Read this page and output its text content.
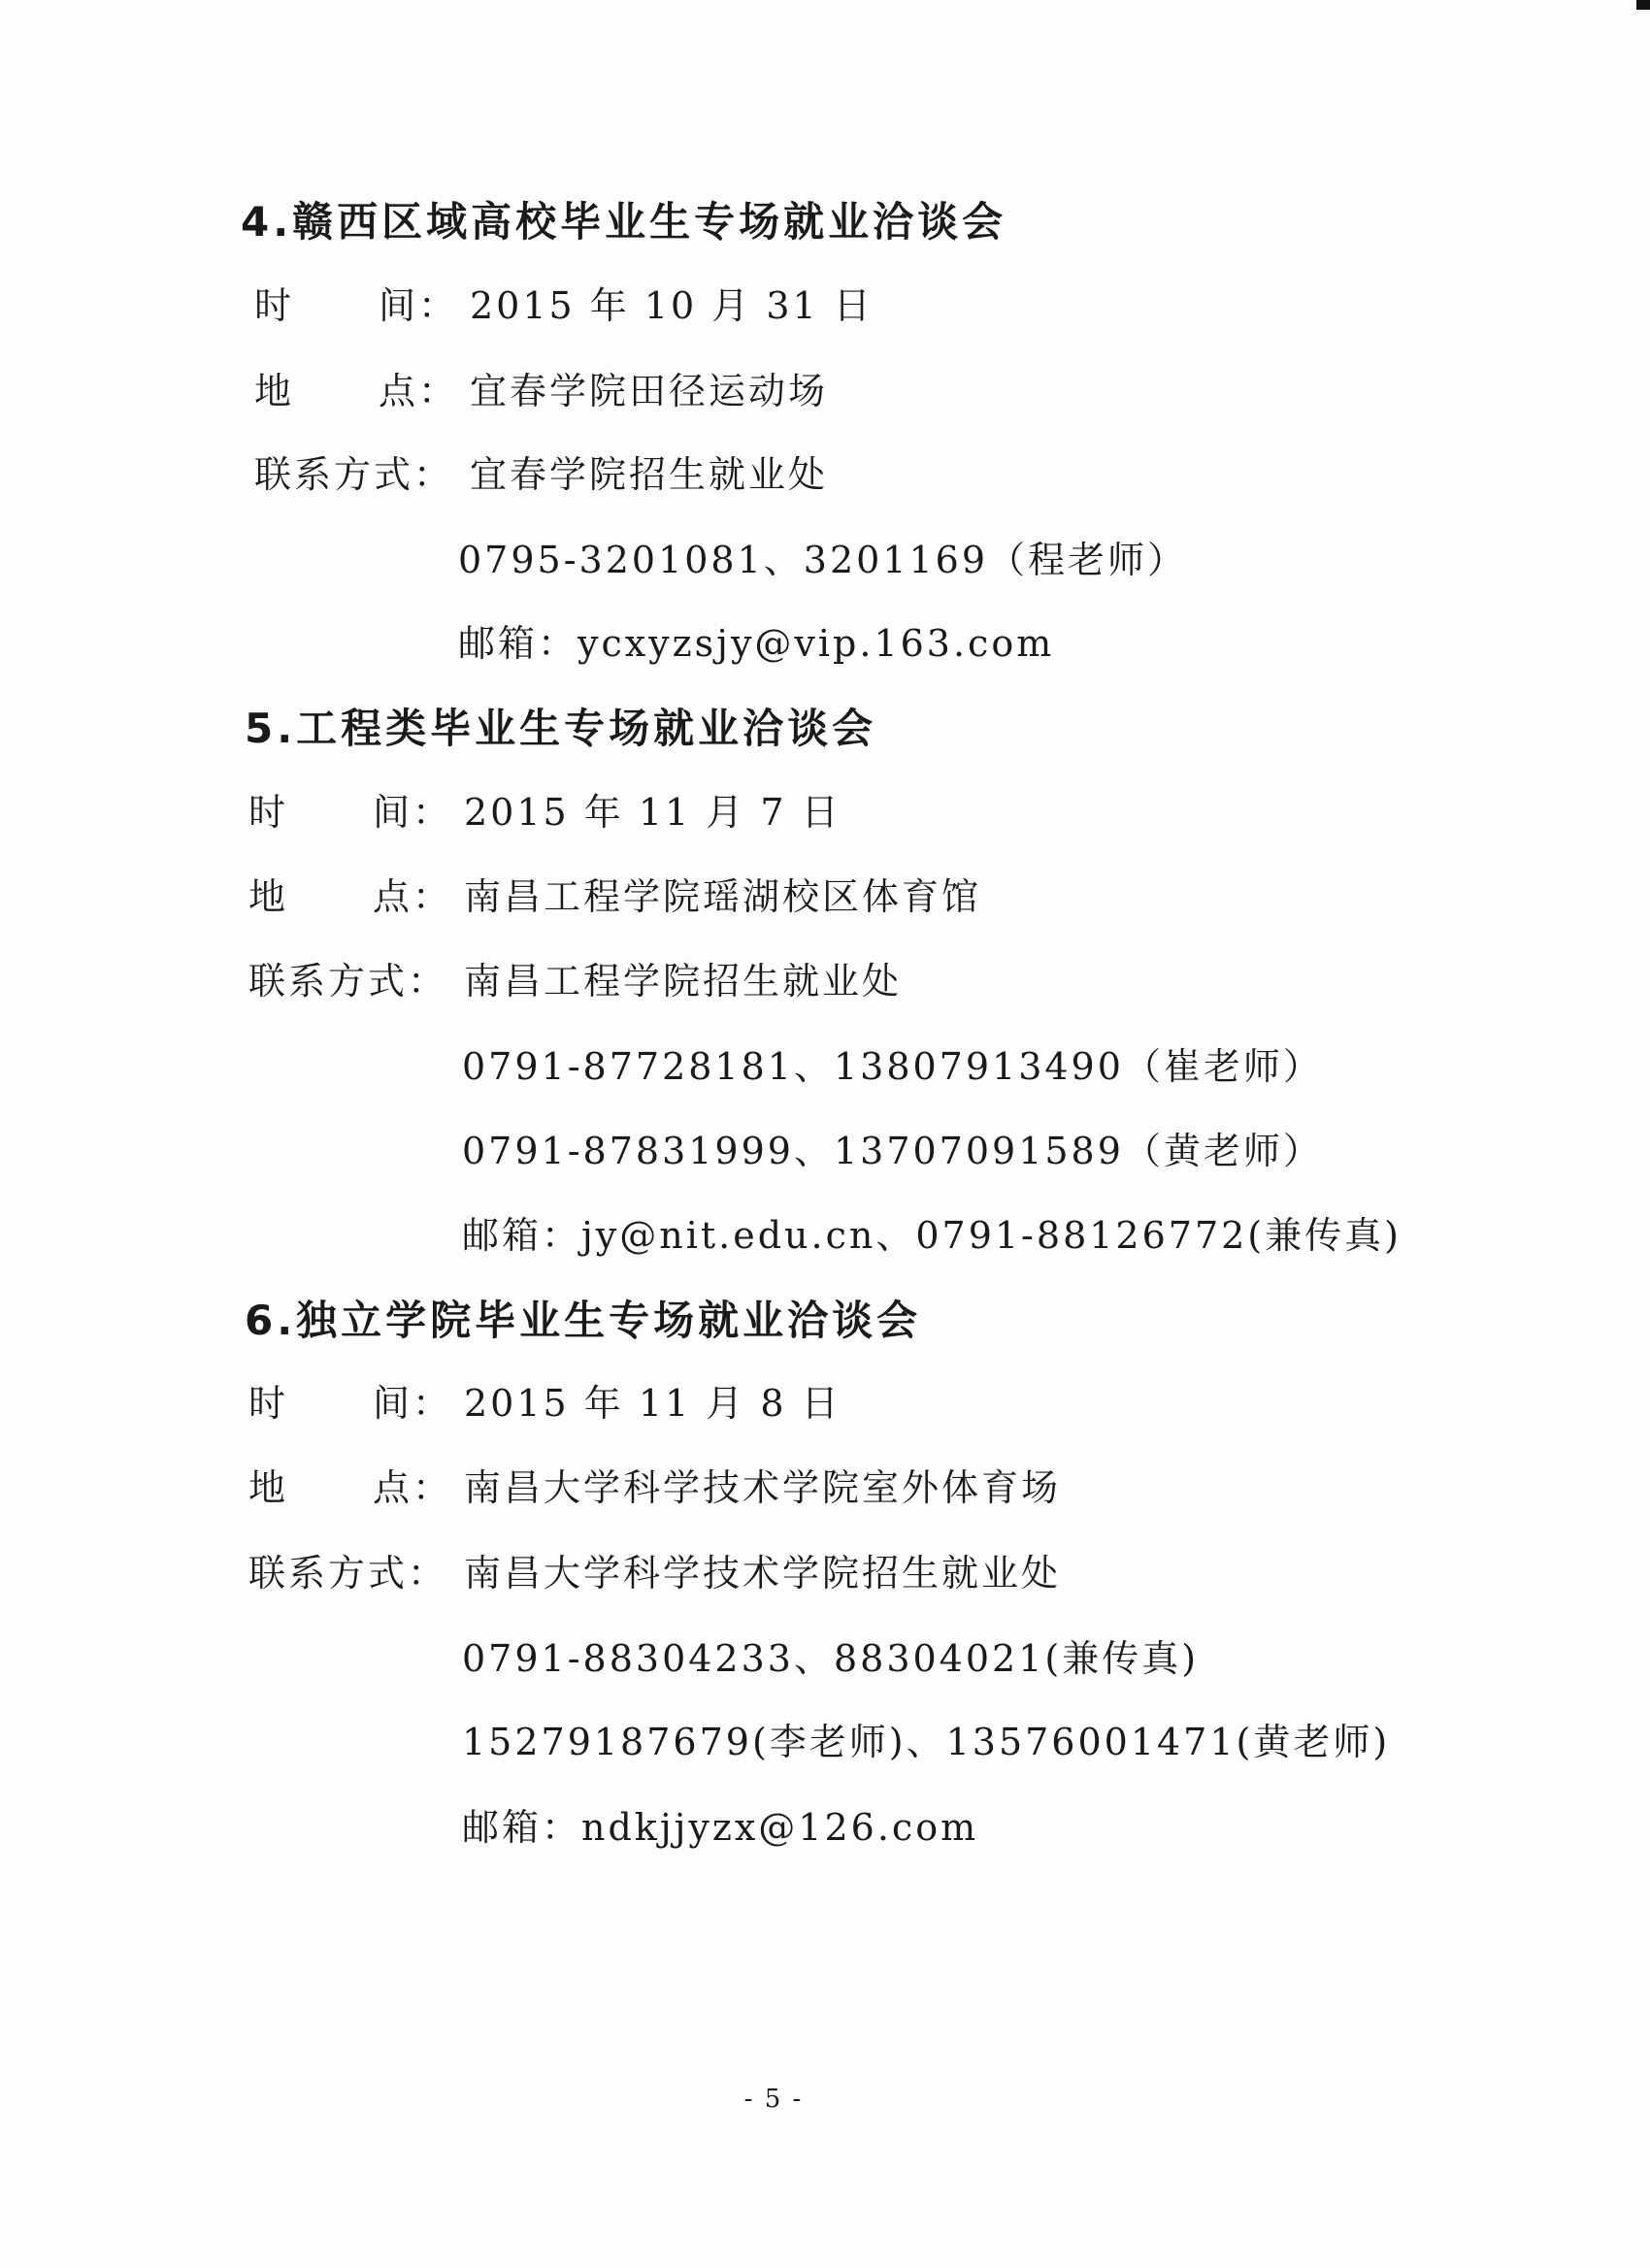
4.赣西区域高校毕业生专场就业洽谈会
时 间： 2015 年 10 月 31 日
地 点： 宜春学院田径运动场
联系方式： 宜春学院招生就业处
0795-3201081、3201169（程老师）
邮箱：ycxyzsjy@vip.163.com
5.工程类毕业生专场就业洽谈会
时 间： 2015 年 11 月 7 日
地 点： 南昌工程学院瑶湖校区体育馆
联系方式： 南昌工程学院招生就业处
0791-87728181、13807913490（崔老师）
0791-87831999、13707091589（黄老师）
邮箱：jy@nit.edu.cn、0791-88126772(兼传真)
6.独立学院毕业生专场就业洽谈会
时 间： 2015 年 11 月 8 日
地 点： 南昌大学科学技术学院室外体育场
联系方式： 南昌大学科学技术学院招生就业处
0791-88304233、88304021(兼传真)
15279187679(李老师)、13576001471(黄老师)
邮箱：ndkjjyzx@126.com
- 5 -
